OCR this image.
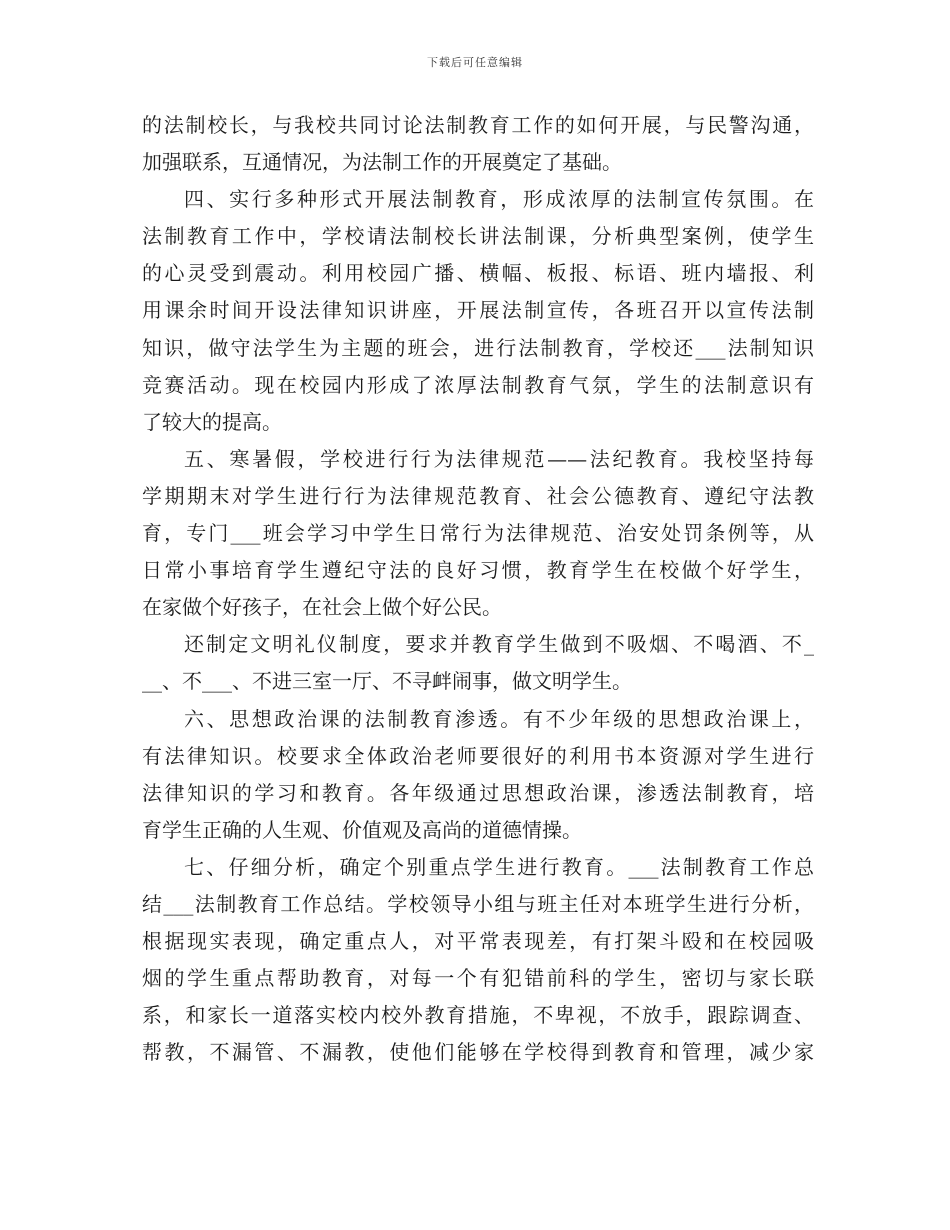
下载后可任意编辑
的法制校长，与我校共同讨论法制教育工作的如何开展，与民警沟通，
加强联系，互通情况，为法制工作的开展奠定了基础。
四、实行多种形式开展法制教育，形成浓厚的法制宣传氛围。在
法制教育工作中，学校请法制校长讲法制课，分析典型案例，使学生
的心灵受到震动。利用校园广播、横幅、板报、标语、班内墙报、利
用课余时间开设法律知识讲座，开展法制宣传，各班召开以宣传法制
知识，做守法学生为主题的班会，进行法制教育，学校还___法制知识
竞赛活动。现在校园内形成了浓厚法制教育气氛，学生的法制意识有
了较大的提高。
五、寒暑假，学校进行行为法律规范——法纪教育。我校坚持每
学期期末对学生进行行为法律规范教育、社会公德教育、遵纪守法教
育，专门___班会学习中学生日常行为法律规范、治安处罚条例等，从
日常小事培育学生遵纪守法的良好习惯，教育学生在校做个好学生，
在家做个好孩子，在社会上做个好公民。
还制定文明礼仪制度，要求并教育学生做到不吸烟、不喝酒、不_
__、不___、不进三室一厅、不寻衅闹事，做文明学生。
六、思想政治课的法制教育渗透。有不少年级的思想政治课上，
有法律知识。校要求全体政治老师要很好的利用书本资源对学生进行
法律知识的学习和教育。各年级通过思想政治课，渗透法制教育，培
育学生正确的人生观、价值观及高尚的道德情操。
七、仔细分析，确定个别重点学生进行教育。___法制教育工作总
结___法制教育工作总结。学校领导小组与班主任对本班学生进行分析，
根据现实表现，确定重点人，对平常表现差，有打架斗殴和在校园吸
烟的学生重点帮助教育，对每一个有犯错前科的学生，密切与家长联
系，和家长一道落实校内校外教育措施，不卑视，不放手，跟踪调查、
帮教，不漏管、不漏教，使他们能够在学校得到教育和管理，减少家
